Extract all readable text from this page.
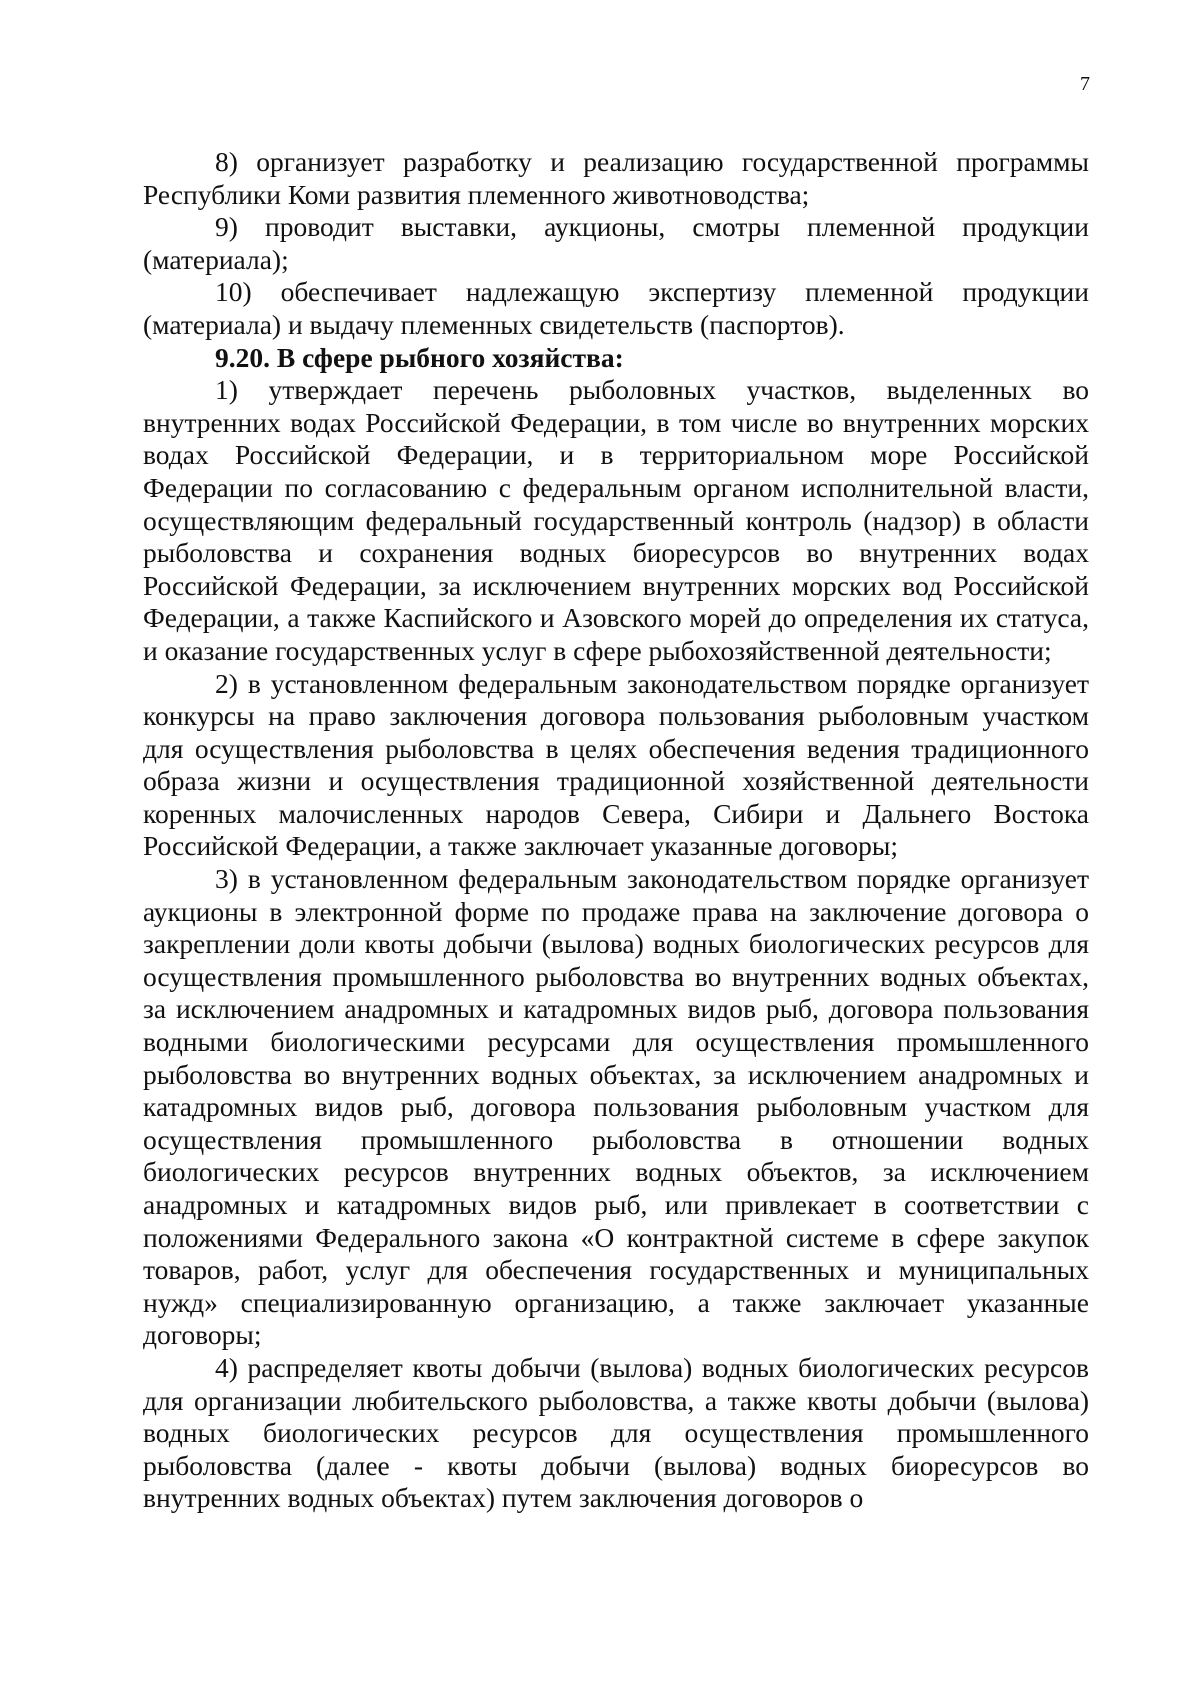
7

8) организует разработку и реализацию государственной программы Республики Коми развития племенного животноводства;

9) проводит выставки, аукционы, смотры племенной продукции (материала);

10) обеспечивает надлежащую экспертизу племенной продукции (материала) и выдачу племенных свидетельств (паспортов).

9.20. В сфере рыбного хозяйства:

1) утверждает перечень рыболовных участков, выделенных во внутренних водах Российской Федерации, в том числе во внутренних морских водах Российской Федерации, и в территориальном море Российской Федерации по согласованию с федеральным органом исполнительной власти, осуществляющим федеральный государственный контроль (надзор) в области рыболовства и сохранения водных биоресурсов во внутренних водах Российской Федерации, за исключением внутренних морских вод Российской Федерации, а также Каспийского и Азовского морей до определения их статуса, и оказание государственных услуг в сфере рыбохозяйственной деятельности;

2) в установленном федеральным законодательством порядке организует конкурсы на право заключения договора пользования рыболовным участком для осуществления рыболовства в целях обеспечения ведения традиционного образа жизни и осуществления традиционной хозяйственной деятельности коренных малочисленных народов Севера, Сибири и Дальнего Востока Российской Федерации, а также заключает указанные договоры;

3) в установленном федеральным законодательством порядке организует аукционы в электронной форме по продаже права на заключение договора о закреплении доли квоты добычи (вылова) водных биологических ресурсов для осуществления промышленного рыболовства во внутренних водных объектах, за исключением анадромных и катадромных видов рыб, договора пользования водными биологическими ресурсами для осуществления промышленного рыболовства во внутренних водных объектах, за исключением анадромных и катадромных видов рыб, договора пользования рыболовным участком для осуществления промышленного рыболовства в отношении водных биологических ресурсов внутренних водных объектов, за исключением анадромных и катадромных видов рыб, или привлекает в соответствии с положениями Федерального закона «О контрактной системе в сфере закупок товаров, работ, услуг для обеспечения государственных и муниципальных нужд» специализированную организацию, а также заключает указанные договоры;

4) распределяет квоты добычи (вылова) водных биологических ресурсов для организации любительского рыболовства, а также квоты добычи (вылова) водных биологических ресурсов для осуществления промышленного рыболовства (далее - квоты добычи (вылова) водных биоресурсов во внутренних водных объектах) путем заключения договоров о
